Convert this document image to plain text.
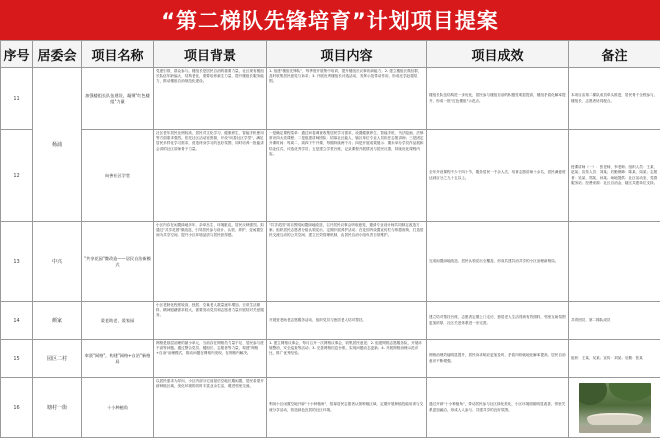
“第二梯队先锋培育”计划项目提案
序号	居委会	项目名称	项目背景	项目内容	项目成效	备注
11	杨浦	加强楼组长队伍建设，凝聚"红色楼组"力量	党建引领，群众参与。楼组长是居民自治的重要力量，社区现有楼组长队伍年龄偏大、结构老化，需要培养新生力量，提升楼组长服务能力，推动楼组自治规范化建设。	1. 组建"楼组先锋队"，每季度开展集中培训，提升楼组长议事协商能力；2. 建立楼组长微信群，及时收集居民意见与诉求；3. 开展优秀楼组长评选活动，发挥示范带动作用，形成比学赶超氛围。	楼组长队伍结构进一步优化，居民参与楼组自治的积极性明显提高，楼组矛盾化解率提升，形成一批"红色楼组"示范点。	本项目由第二梯队成员牵头推进，居民骨干全程参与，楼组长、志愿者协同配合。
12		向善社区学堂	社区老年居民比例较高，居民对文化学习、健康养生、智能手机使用等方面需求强烈。依托社区活动室资源，开设"向善社区学堂"，满足居民多样化学习需求，营造终身学习的良好氛围，同时培养一批能讲会讲的社区讲师骨干力量。	一是确定课程菜单：通过问卷调查收集居民学习需求，设置健康养生、智能手机、书法绘画、法律常识四大类课程；二是组建讲师团队：招募社区能人、辖区单位专业人员担任志愿讲师；三是固定开课时间：每周二、周四下午开课，每期持续两个月；四是开展成果展示：期末举办学员作品展和结业仪式，评选优秀学员；五是建立学堂台账，记录课程开展情况与居民反馈，持续优化课程内容。	全年开设课程不少于四十节，服务居民一千余人次，培育志愿讲师十余名，居民满意度达到百分之九十五以上。	授课讲师（一）：张老师、李老师；组织人员：王某、赵某；宣传人员：刘某；后勤保障：陈某、周某；志愿者：吴某、郑某、孙某；场地提供：社区活动室、党群服务站；经费来源：社区自治金、辖区共建单位支持。
13	中兴	"共享花园"微改造——居民自治新模式	小区内存在闲置绿地多年，杂草丛生、环境脏乱，居民反映强烈。拟通过"共享花园"微改造，引导居民参与设计、认领、养护，变闲置空间为共享空间，提升小区环境品质与居民获得感。	"共享花园"项目围绕闲置绿地改造，召开居民议事会听取意见，邀请专业设计师共同制定改造方案；组织居民志愿者分组认领花坛，定期开展养护活动；在花园内设置宣传栏与休憩座椅，打造居民交流互动的公共空间；建立长效管理机制，由居民自治小组负责日常维护。	完成闲置绿地改造，居民认领花坛全覆盖，形成共建共治共享的小区治理新格局。	
14	颜家	爱老助老、爱家园	小区老龄化程度较高，独居、空巢老人数量逐年增加，日常生活照料、精神慰藉需求较大，需要发动党员和志愿者力量开展结对关爱服务。	开展爱老助老志愿服务活动，组织党员与独居老人结对帮扶。	建立结对帮扶台账，志愿者定期上门走访，独居老人生活得到有效照料，邻里互助氛围更加浓厚，社区关爱体系进一步完善。	共青团员、第二梯队成员
15	园区二村	奉贤"网格"，构建"网格+自治"新格局	网格是基层治理的最小单元，当前存在网格员力量不足、居民参与度不高等问题。通过整合党员、楼组长、志愿者等力量，构建"网格+自治"治理模式，推动问题在网格内发现、在网格内解决。	1. 建立网格议事会，每月召开一次网格议事会，收集居民意见；2. 组建网格志愿服务队，开展环境整治、安全巡查等活动；3. 完善网格信息台账，实现问题动态更新；4. 开展网格治理示范评比，推广优秀经验。	网格治理效能明显提升，居民诉求响应更加及时，矛盾纠纷就地化解率提高，居民自治意识不断增强。	组织：王某、吴某；宣传：刘某；后勤：张某
16	塘村一街	十小种植角	以居民需求为导向，小区内部分宅前屋后空地长期闲置，居民希望开辟种植区域，美化环境的同时丰富业余生活，增进邻里交流。	利用小区闲置空地开辟"十小种植角"，招募居民志愿者认领种植区域，定期开展种植技能培训与交流分享活动，营造绿色宜居的社区环境。	通过开辟"十小种植角"，带动居民参与社区绿化美化，小区环境面貌明显改善，邻里关系更加融洽，形成人人参与、共建共享的良好氛围。	
